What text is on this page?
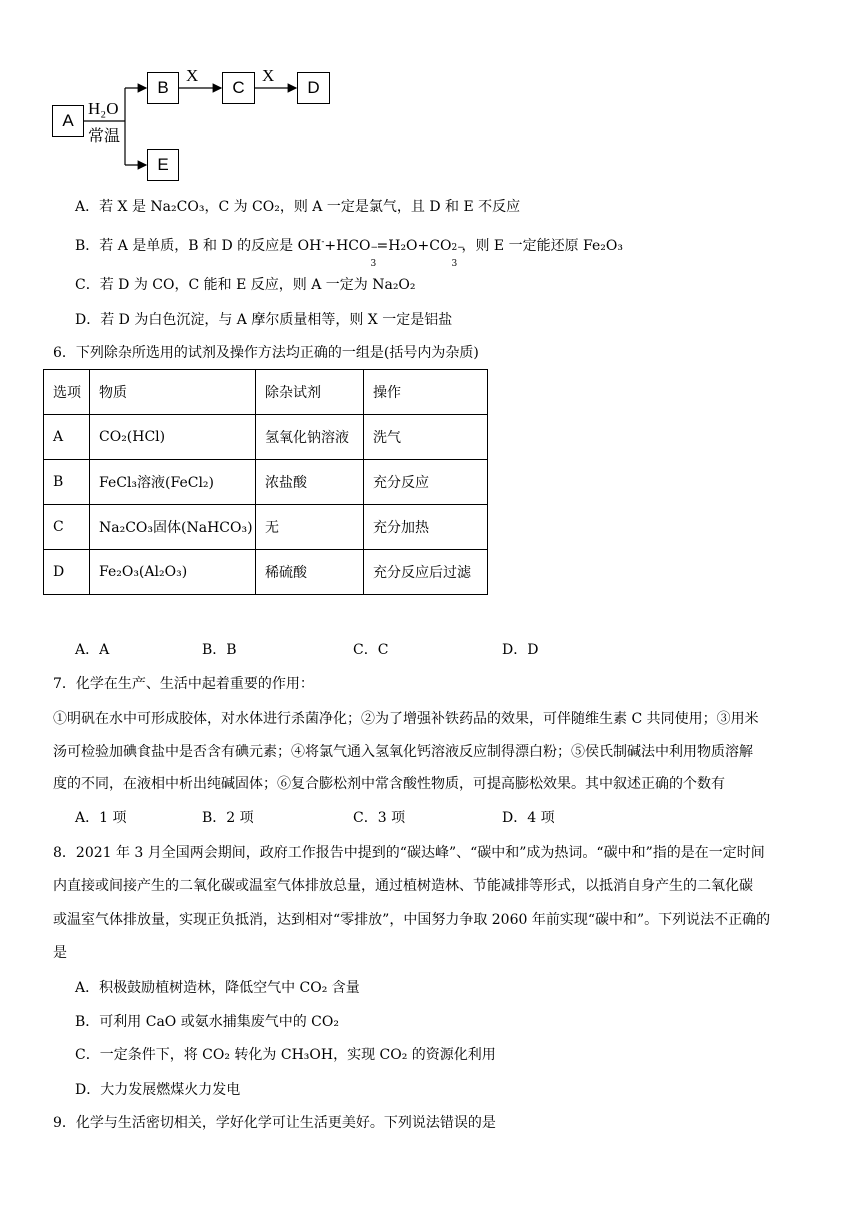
A
B	C	D
E
H₂O
常温
X	X
A．若 X 是 Na₂CO₃，C 为 CO₂，则 A 一定是氯气，且 D 和 E 不反应
B．若 A 是单质，B 和 D 的反应是 OH-+HCO −
3
=H₂O+CO 2−
3
，则 E 一定能还原 Fe₂O₃
C．若 D 为 CO，C 能和 E 反应，则 A 一定为 Na₂O₂
D．若 D 为白色沉淀，与 A 摩尔质量相等，则 X 一定是铝盐
6．下列除杂所选用的试剂及操作方法均正确的一组是(括号内为杂质)
选项	物质	除杂试剂	操作
A	CO₂(HCl)	氢氧化钠溶液	洗气
B	FeCl₃溶液(FeCl₂)	浓盐酸	充分反应
C	Na₂CO₃固体(NaHCO₃)	无	充分加热
D	Fe₂O₃(Al₂O₃)	稀硫酸	充分反应后过滤
A．A	B．B	C．C	D．D
7．化学在生产、生活中起着重要的作用：
①明矾在水中可形成胶体，对水体进行杀菌净化；②为了增强补铁药品的效果，可伴随维生素 C 共同使用；③用米
汤可检验加碘食盐中是否含有碘元素；④将氯气通入氢氧化钙溶液反应制得漂白粉；⑤侯氏制碱法中利用物质溶解
度的不同，在液相中析出纯碱固体；⑥复合膨松剂中常含酸性物质，可提高膨松效果。其中叙述正确的个数有
A．1 项	B．2 项	C．3 项	D．4 项
8．2021 年 3 月全国两会期间，政府工作报告中提到的“碳达峰”、“碳中和”成为热词。“碳中和”指的是在一定时间
内直接或间接产生的二氧化碳或温室气体排放总量，通过植树造林、节能减排等形式，以抵消自身产生的二氧化碳
或温室气体排放量，实现正负抵消，达到相对“零排放”，中国努力争取 2060 年前实现“碳中和”。下列说法不正确的
是
A．积极鼓励植树造林，降低空气中 CO₂ 含量
B．可利用 CaO 或氨水捕集废气中的 CO₂
C．一定条件下，将 CO₂ 转化为 CH₃OH，实现 CO₂ 的资源化利用
D．大力发展燃煤火力发电
9．化学与生活密切相关，学好化学可让生活更美好。下列说法错误的是
